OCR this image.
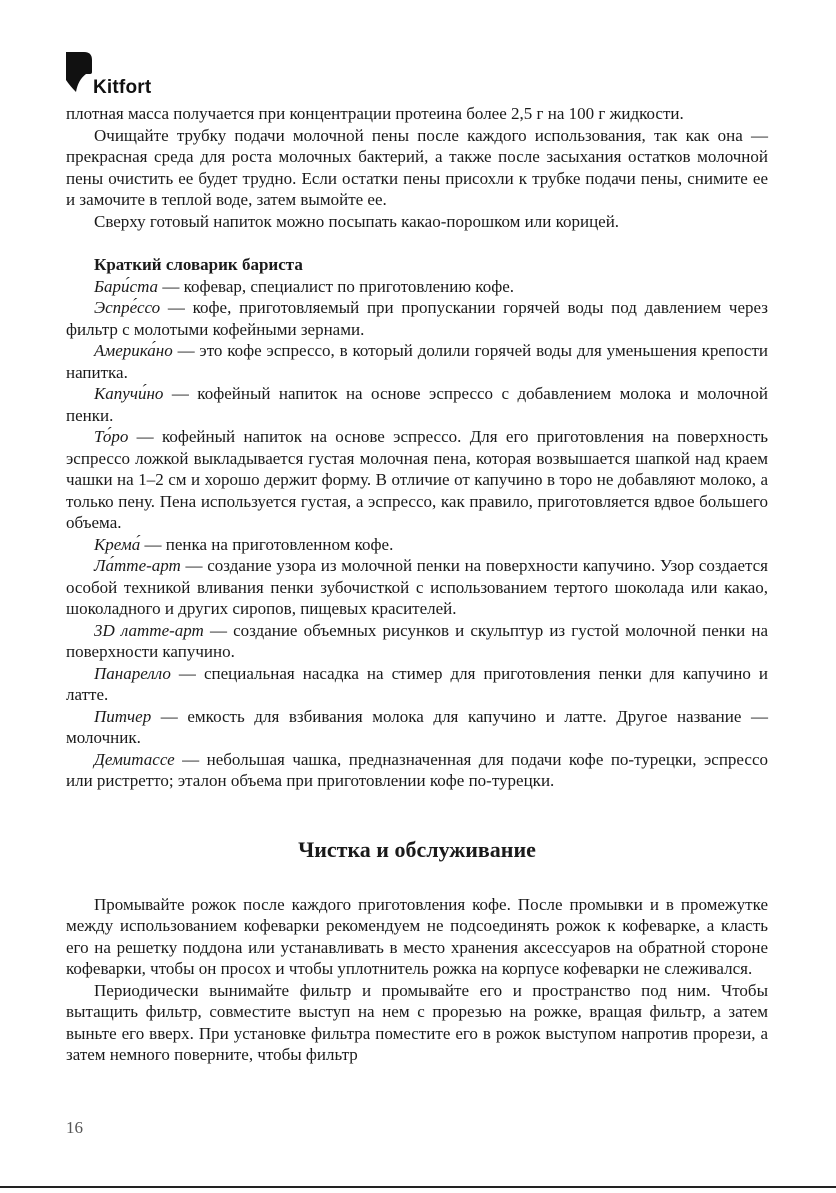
Kitfort

плотная масса получается при концентрации протеина более 2,5 г на 100 г жидкости.

Очищайте трубку подачи молочной пены после каждого использования, так как она — прекрасная среда для роста молочных бактерий, а также после засыхания остатков молочной пены очистить ее будет трудно. Если остатки пены присохли к трубке подачи пены, снимите ее и замочите в теплой воде, затем вымойте ее.

Сверху готовый напиток можно посыпать какао-порошком или корицей.

Краткий словарик бариста

Бари́ста — кофевар, специалист по приготовлению кофе.

Эспре́ссо — кофе, приготовляемый при пропускании горячей воды под давлением через фильтр с молотыми кофейными зернами.

Америка́но — это кофе эспрессо, в который долили горячей воды для уменьшения крепости напитка.

Капучи́но — кофейный напиток на основе эспрессо с добавлением молока и молочной пенки.

То́ро — кофейный напиток на основе эспрессо. Для его приготовления на поверхность эспрессо ложкой выкладывается густая молочная пена, которая возвышается шапкой над краем чашки на 1–2 см и хорошо держит форму. В отличие от капучино в торо не добавляют молоко, а только пену. Пена используется густая, а эспрессо, как правило, приготовляется вдвое большего объема.

Крема́ — пенка на приготовленном кофе.

Ла́тте-арт — создание узора из молочной пенки на поверхности капучино. Узор создается особой техникой вливания пенки зубочисткой с использованием тертого шоколада или какао, шоколадного и других сиропов, пищевых красителей.

3D латте-арт — создание объемных рисунков и скульптур из густой молочной пенки на поверхности капучино.

Панарелло — специальная насадка на стимер для приготовления пенки для капучино и латте.

Питчер — емкость для взбивания молока для капучино и латте. Другое название — молочник.

Демитассе — небольшая чашка, предназначенная для подачи кофе по-турецки, эспрессо или ристретто; эталон объема при приготовлении кофе по-турецки.

Чистка и обслуживание

Промывайте рожок после каждого приготовления кофе. После промывки и в промежутке между использованием кофеварки рекомендуем не подсоединять рожок к кофеварке, а класть его на решетку поддона или устанавливать в место хранения аксессуаров на обратной стороне кофеварки, чтобы он просох и чтобы уплотнитель рожка на корпусе кофеварки не слеживался.

Периодически вынимайте фильтр и промывайте его и пространство под ним. Чтобы вытащить фильтр, совместите выступ на нем с прорезью на рожке, вращая фильтр, а затем выньте его вверх. При установке фильтра поместите его в рожок выступом напротив прорези, а затем немного поверните, чтобы фильтр

16
